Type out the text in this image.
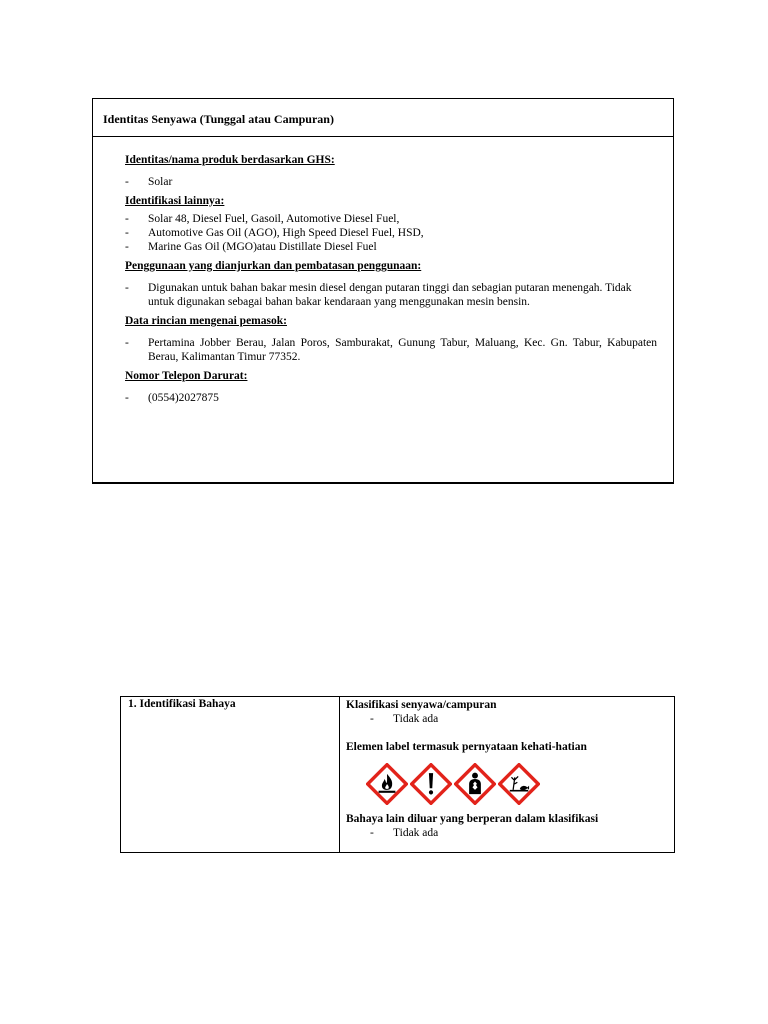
Identitas Senyawa (Tunggal atau Campuran)
Identitas/nama produk berdasarkan GHS:
-	Solar
Identifikasi lainnya:
-	Solar 48, Diesel Fuel, Gasoil, Automotive Diesel Fuel,
-	Automotive Gas Oil (AGO), High Speed Diesel Fuel, HSD,
-	Marine Gas Oil (MGO)atau Distillate Diesel Fuel
Penggunaan yang dianjurkan dan pembatasan penggunaan:
-	Digunakan untuk bahan bakar mesin diesel dengan putaran tinggi dan sebagian putaran menengah. Tidak untuk digunakan sebagai bahan bakar kendaraan yang menggunakan mesin bensin.
Data rincian mengenai pemasok:
-	Pertamina Jobber Berau, Jalan Poros, Samburakat, Gunung Tabur, Maluang, Kec. Gn. Tabur, Kabupaten Berau, Kalimantan Timur 77352.
Nomor Telepon Darurat:
-	(0554)2027875
1. Identifikasi Bahaya	Klasifikasi senyawa/campuran
-	Tidak ada
Elemen label termasuk pernyataan kehati-hatian
Bahaya lain diluar yang berperan dalam klasifikasi
-	Tidak ada
